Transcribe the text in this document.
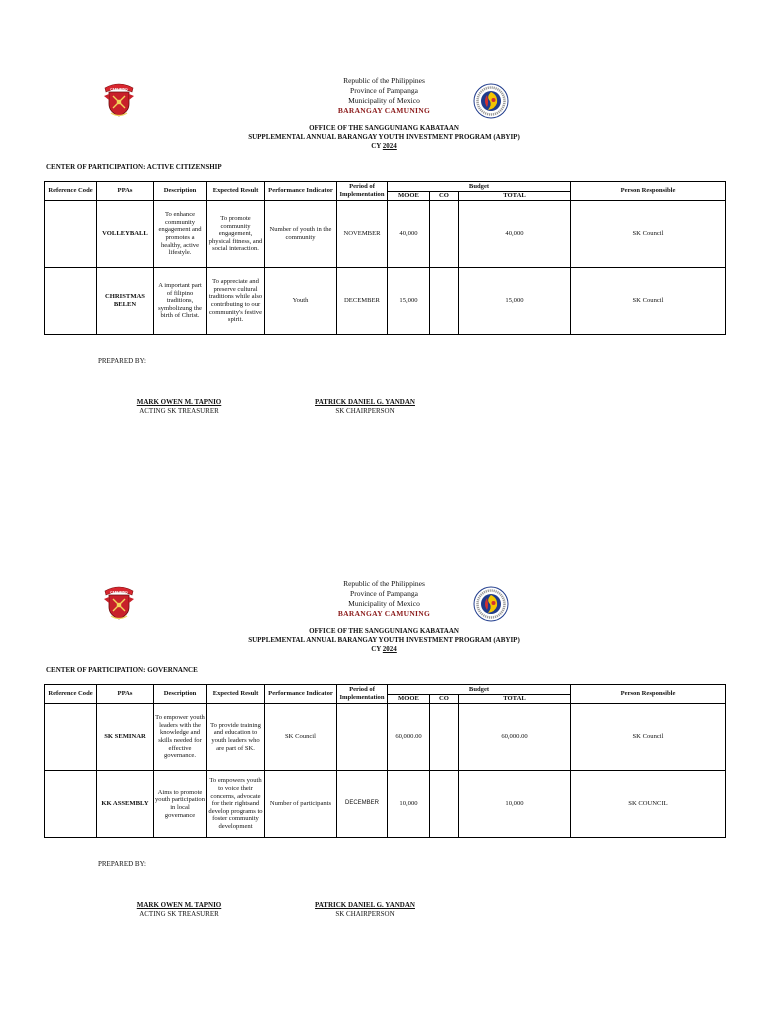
CAMUNING
Republic of the Philippines
Province of Pampanga
Municipality of Mexico
BARANGAY CAMUNING
OFFICE OF THE SANGGUNIANG KABATAAN
SUPPLEMENTAL ANNUAL BARANGAY YOUTH INVESTMENT PROGRAM (ABYIP)
CY 2024
CENTER OF PARTICIPATION: ACTIVE CITIZENSHIP
Reference Code	PPAs	Description	Expected Result	Performance Indicator	Period of Implementation	Budget			Person Responsible
						MOOE	CO	TOTAL	
	VOLLEYBALL	To enhance community engagement and promotes a healthy, active lifestyle.	To promote community engagement, physical fitness, and social interaction.	Number of youth in the community	NOVEMBER	40,000		40,000	SK Council
	CHRISTMAS BELEN	A important part of filipino traditions, symbolizung the birth of Christ.	To appreciate and preserve cultural traditions while also contributing to our community's festive spirit.	Youth	DECEMBER	15,000		15,000	SK Council
PREPARED BY:
MARK OWEN M. TAPNIO
ACTING SK TREASURER
PATRICK DANIEL G. YANDAN
SK CHAIRPERSON
CAMUNING
Republic of the Philippines
Province of Pampanga
Municipality of Mexico
BARANGAY CAMUNING
OFFICE OF THE SANGGUNIANG KABATAAN
SUPPLEMENTAL ANNUAL BARANGAY YOUTH INVESTMENT PROGRAM (ABYIP)
CY 2024
CENTER OF PARTICIPATION: GOVERNANCE
Reference Code	PPAs	Description	Expected Result	Performance Indicator	Period of Implementation	Budget			Person Responsible
						MOOE	CO	TOTAL	
	SK SEMINAR	To empower youth leaders with the knowledge and skills needed for effective governance.	To provide training and education to youth leaders who are part of SK.	SK Council		60,000.00		60,000.00	SK Council
	KK ASSEMBLY	Aims to promote youth participation in local governance	To empowers youth to voice their concerns, advocate for their rightsand develop programs to foster community development	Number of participants	DECEMBER	10,000		10,000	SK COUNCIL
PREPARED BY:
MARK OWEN M. TAPNIO
ACTING SK TREASURER
PATRICK DANIEL G. YANDAN
SK CHAIRPERSON
